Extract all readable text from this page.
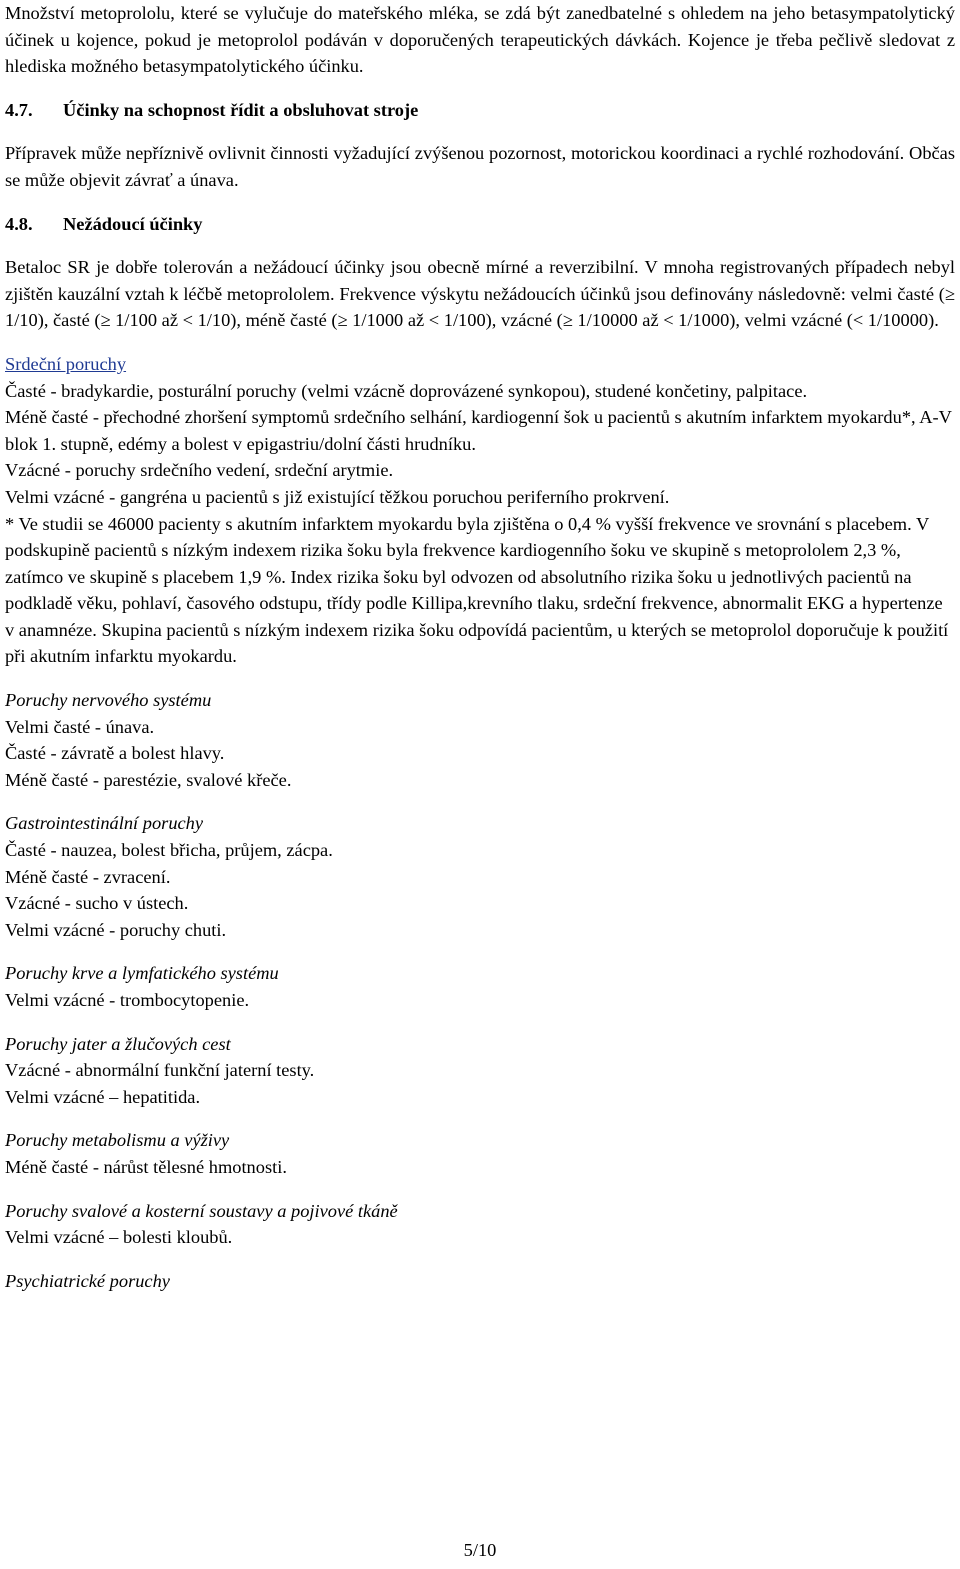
Množství metoprololu, které se vylučuje do mateřského mléka, se zdá být zanedbatelné s ohledem na jeho betasympatolytický účinek u kojence, pokud je metoprolol podáván v doporučených terapeutických dávkách. Kojence je třeba pečlivě sledovat z hlediska možného betasympatolytického účinku.

4.7. Účinky na schopnost řídit a obsluhovat stroje

Přípravek může nepříznivě ovlivnit činnosti vyžadující zvýšenou pozornost, motorickou koordinaci a rychlé rozhodování. Občas se může objevit závrať a únava.

4.8. Nežádoucí účinky

Betaloc SR je dobře tolerován a nežádoucí účinky jsou obecně mírné a reverzibilní. V mnoha registrovaných případech nebyl zjištěn kauzální vztah k léčbě metoprololem. Frekvence výskytu nežádoucích účinků jsou definovány následovně: velmi časté (≥ 1/10), časté (≥ 1/100 až < 1/10), méně časté (≥ 1/1000 až < 1/100), vzácné (≥ 1/10000 až < 1/1000), velmi vzácné (< 1/10000).

Srdeční poruchy

Časté - bradykardie, posturální poruchy (velmi vzácně doprovázené synkopou), studené končetiny, palpitace.

Méně časté - přechodné zhoršení symptomů srdečního selhání, kardiogenní šok u pacientů s akutním infarktem myokardu*, A-V blok 1. stupně, edémy a bolest v epigastriu/dolní části hrudníku.

Vzácné - poruchy srdečního vedení, srdeční arytmie.

Velmi vzácné - gangréna u pacientů s již existující těžkou poruchou periferního prokrvení.

* Ve studii se 46000 pacienty s akutním infarktem myokardu byla zjištěna o 0,4 % vyšší frekvence ve srovnání s placebem. V podskupině pacientů s nízkým indexem rizika šoku byla frekvence kardiogenního šoku ve skupině s metoprololem 2,3 %, zatímco ve skupině s placebem 1,9 %. Index rizika šoku byl odvozen od absolutního rizika šoku u jednotlivých pacientů na podkladě věku, pohlaví, časového odstupu, třídy podle Killipa,krevního tlaku, srdeční frekvence, abnormalit EKG a hypertenze v anamnéze. Skupina pacientů s nízkým indexem rizika šoku odpovídá pacientům, u kterých se metoprolol doporučuje k použití při akutním infarktu myokardu.

Poruchy nervového systému

Velmi časté - únava.

Časté - závratě a bolest hlavy.

Méně časté - parestézie, svalové křeče.

Gastrointestinální poruchy

Časté - nauzea, bolest břicha, průjem, zácpa.

Méně časté - zvracení.

Vzácné - sucho v ústech.

Velmi vzácné - poruchy chuti.

Poruchy krve a lymfatického systému

Velmi vzácné - trombocytopenie.

Poruchy jater a žlučových cest

Vzácné - abnormální funkční jaterní testy.

Velmi vzácné – hepatitida.

Poruchy metabolismu a výživy

Méně časté - nárůst tělesné hmotnosti.

Poruchy svalové a kosterní soustavy a pojivové tkáně

Velmi vzácné – bolesti kloubů.

Psychiatrické poruchy

5/10
